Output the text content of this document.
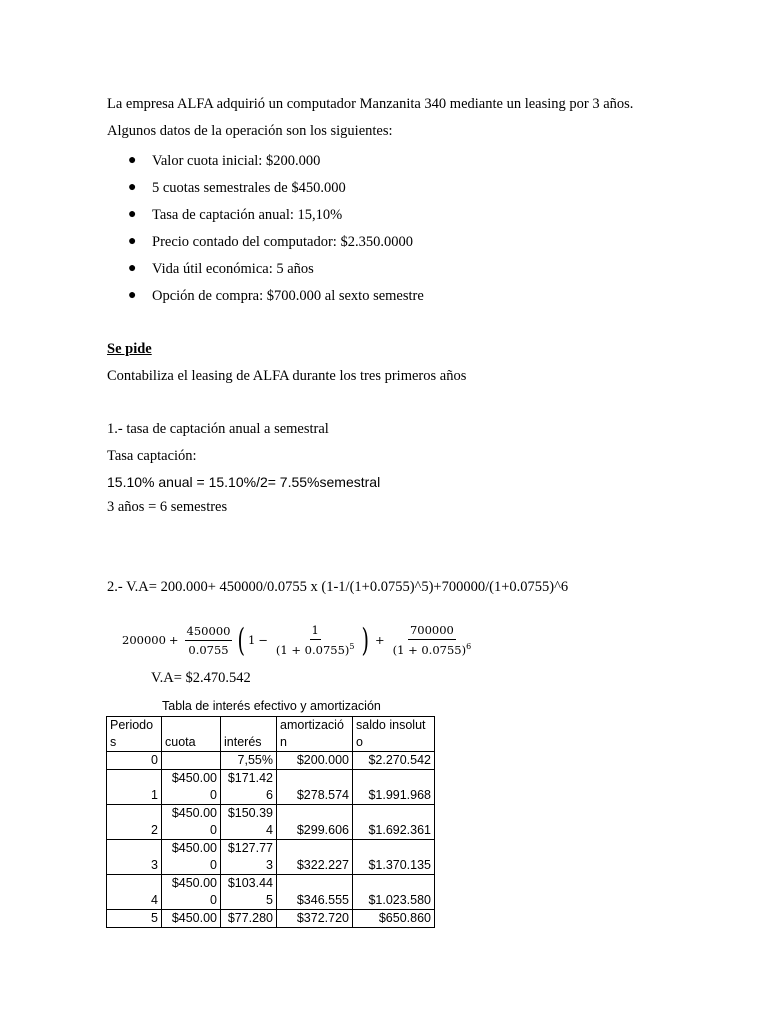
La empresa ALFA adquirió un computador Manzanita 340 mediante un leasing por 3 años.
Algunos datos de la operación son los siguientes:
● Valor cuota inicial: $200.000
● 5 cuotas semestrales de $450.000
● Tasa de captación anual: 15,10%
● Precio contado del computador: $2.350.0000
● Vida útil económica: 5 años
● Opción de compra: $700.000 al sexto semestre
Se pide
Contabiliza el leasing de ALFA durante los tres primeros años
1.- tasa de captación anual a semestral
Tasa captación:
15.10% anual = 15.10%/2= 7.55%semestral
3 años = 6 semestres
2.- V.A= 200.000+ 450000/0.0755 x (1-1/(1+0.0755)^5)+700000/(1+0.0755)^6
$200000 + \frac{450000}{0.0755}$ ( $1 - \frac{1}{(1 + 0.0755)^5}$ ) + $\frac{700000}{(1 + 0.0755)^6}$
V.A= $2.470.542
Tabla de interés efectivo y amortización
Periodos	cuota	interés	amortización	saldo insoluto
0		7,55%	$200.000	$2.270.542
1	$450.000	$171.426	$278.574	$1.991.968
2	$450.000	$150.394	$299.606	$1.692.361
3	$450.000	$127.773	$322.227	$1.370.135
4	$450.000	$103.445	$346.555	$1.023.580
5	$450.00	$77.280	$372.720	$650.860
